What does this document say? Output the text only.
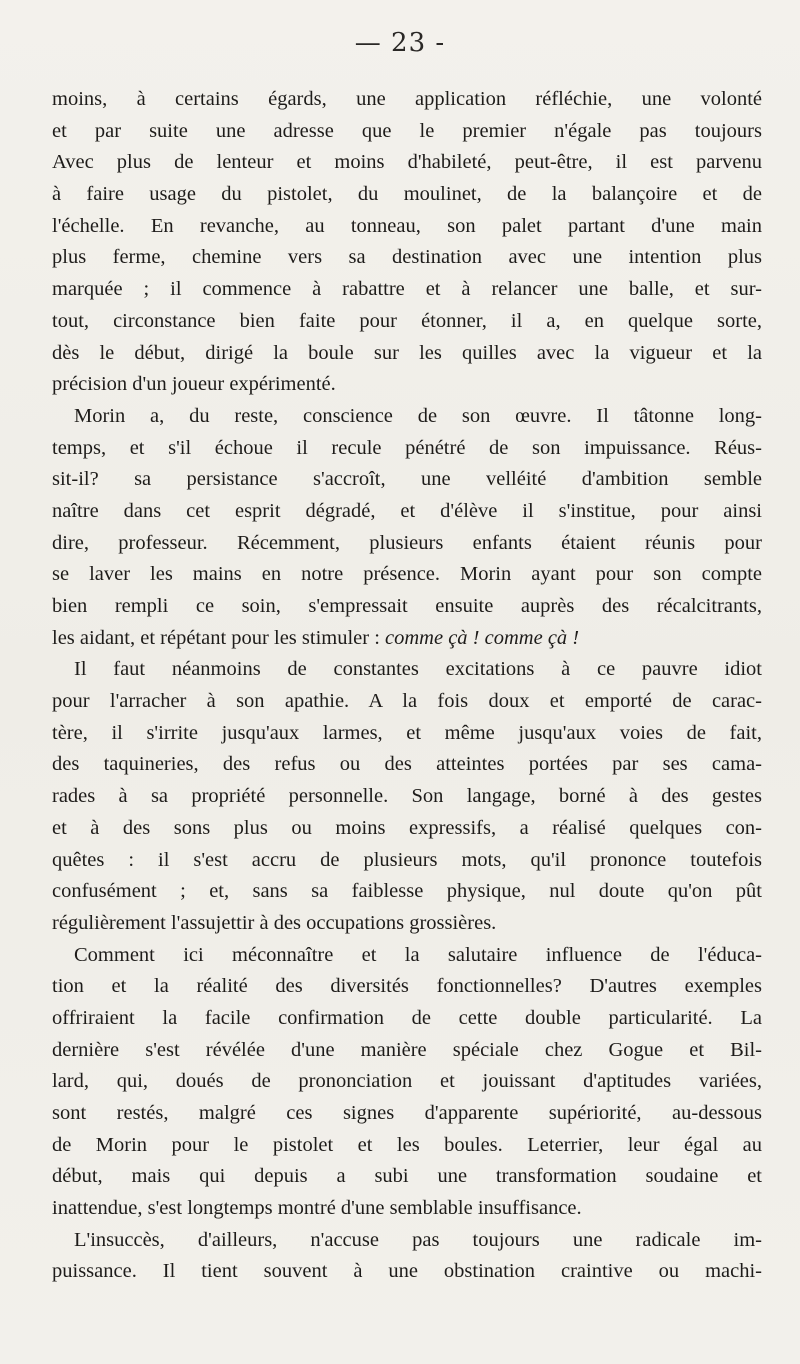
— 23 -
moins, à certains égards, une application réfléchie, une volonté
et par suite une adresse que le premier n'égale pas toujours
Avec plus de lenteur et moins d'habileté, peut-être, il est parvenu
à faire usage du pistolet, du moulinet, de la balançoire et de
l'échelle. En revanche, au tonneau, son palet partant d'une main
plus ferme, chemine vers sa destination avec une intention plus
marquée ; il commence à rabattre et à relancer une balle, et sur-
tout, circonstance bien faite pour étonner, il a, en quelque sorte,
dès le début, dirigé la boule sur les quilles avec la vigueur et la
précision d'un joueur expérimenté.
Morin a, du reste, conscience de son œuvre. Il tâtonne long-
temps, et s'il échoue il recule pénétré de son impuissance. Réus-
sit-il? sa persistance s'accroît, une velléité d'ambition semble
naître dans cet esprit dégradé, et d'élève il s'institue, pour ainsi
dire, professeur. Récemment, plusieurs enfants étaient réunis pour
se laver les mains en notre présence. Morin ayant pour son compte
bien rempli ce soin, s'empressait ensuite auprès des récalcitrants,
les aidant, et répétant pour les stimuler : comme çà ! comme çà !
Il faut néanmoins de constantes excitations à ce pauvre idiot
pour l'arracher à son apathie. A la fois doux et emporté de carac-
tère, il s'irrite jusqu'aux larmes, et même jusqu'aux voies de fait,
des taquineries, des refus ou des atteintes portées par ses cama-
rades à sa propriété personnelle. Son langage, borné à des gestes
et à des sons plus ou moins expressifs, a réalisé quelques con-
quêtes : il s'est accru de plusieurs mots, qu'il prononce toutefois
confusément ; et, sans sa faiblesse physique, nul doute qu'on pût
régulièrement l'assujettir à des occupations grossières.
Comment ici méconnaître et la salutaire influence de l'éduca-
tion et la réalité des diversités fonctionnelles? D'autres exemples
offriraient la facile confirmation de cette double particularité. La
dernière s'est révélée d'une manière spéciale chez Gogue et Bil-
lard, qui, doués de prononciation et jouissant d'aptitudes variées,
sont restés, malgré ces signes d'apparente supériorité, au-dessous
de Morin pour le pistolet et les boules. Leterrier, leur égal au
début, mais qui depuis a subi une transformation soudaine et
inattendue, s'est longtemps montré d'une semblable insuffisance.
L'insuccès, d'ailleurs, n'accuse pas toujours une radicale im-
puissance. Il tient souvent à une obstination craintive ou machi-
